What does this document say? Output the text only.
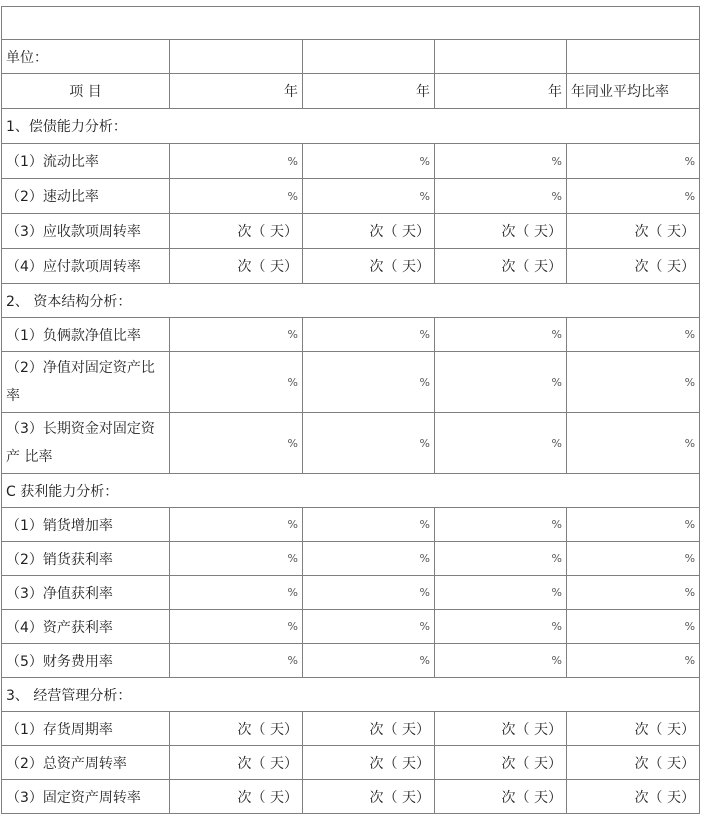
单位：				
项 目	年	年	年	年同业平均比率
1、偿债能力分析：				
（1）流动比率	%	%	%	%
（2）速动比率	%	%	%	%
（3）应收款项周转率	次（ 天）	次（ 天）	次（ 天）	次（ 天）
（4）应付款项周转率	次（ 天）	次（ 天）	次（ 天）	次（ 天）
2、 资本结构分析：				
（1）负俩款净值比率	%	%	%	%
（2）净值对固定资产比率	%	%	%	%
（3）长期资金对固定资产 比率	%	%	%	%
C 获利能力分析：				
（1）销货增加率	%	%	%	%
（2）销货获利率	%	%	%	%
（3）净值获利率	%	%	%	%
（4）资产获利率	%	%	%	%
（5）财务费用率	%	%	%	%
3、 经营管理分析：				
（1）存货周期率	次（ 天）	次（ 天）	次（ 天）	次（ 天）
（2）总资产周转率	次（ 天）	次（ 天）	次（ 天）	次（ 天）
（3）固定资产周转率	次（ 天）	次（ 天）	次（ 天）	次（ 天）
